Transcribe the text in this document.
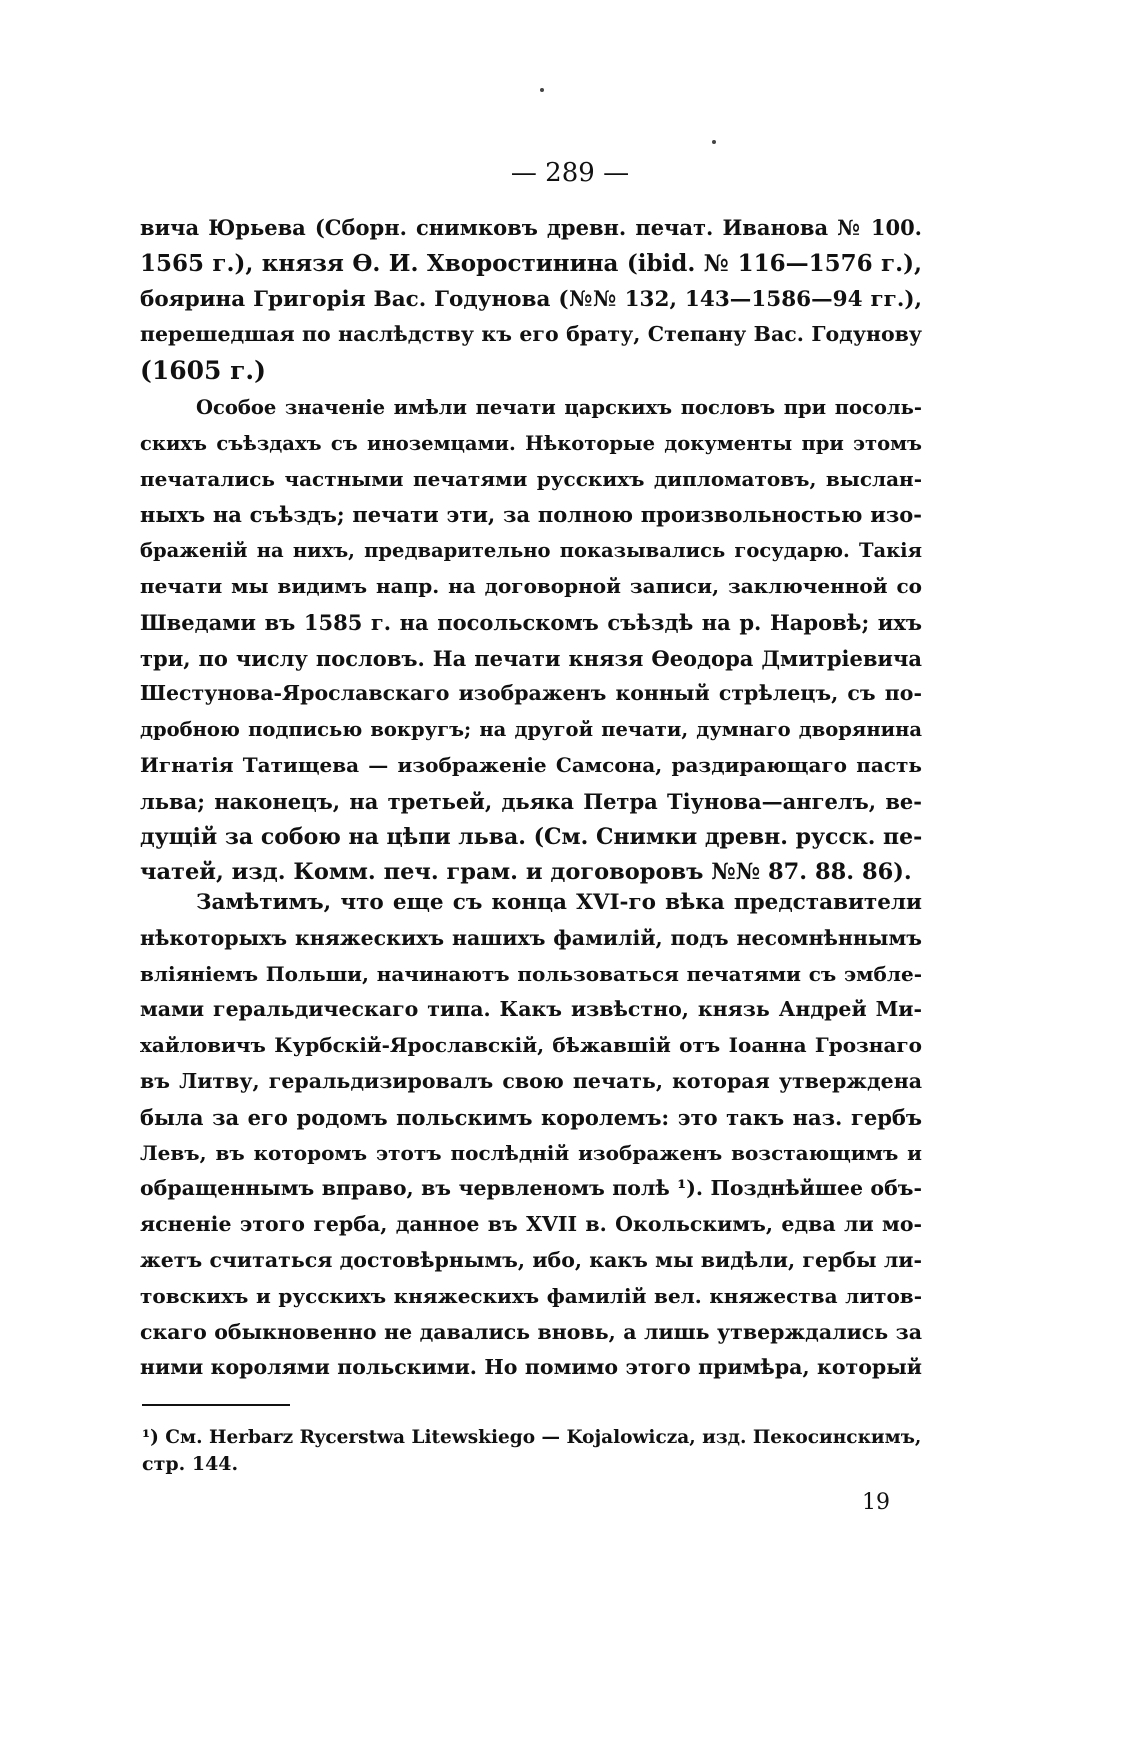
— 289 —
вича Юрьева (Сборн. снимковъ древн. печат. Иванова № 100.
1565 г.), князя Ѳ. И. Хворостинина (ibid. № 116—1576 г.),
боярина Григорія Вас. Годунова (№№ 132, 143—1586—94 гг.),
перешедшая по наслѣдству къ его брату, Степану Вас. Годунову
(1605 г.)
Особое значеніе имѣли печати царскихъ пословъ при посоль-
скихъ съѣздахъ съ иноземцами. Нѣкоторые документы при этомъ
печатались частными печатями русскихъ дипломатовъ, выслан-
ныхъ на съѣздъ; печати эти, за полною произвольностью изо-
браженій на нихъ, предварительно показывались государю. Такія
печати мы видимъ напр. на договорной записи, заключенной со
Шведами въ 1585 г. на посольскомъ съѣздѣ на р. Наровѣ; ихъ
три, по числу пословъ. На печати князя Ѳеодора Дмитріевича
Шестунова-Ярославскаго изображенъ конный стрѣлецъ, съ по-
дробною подписью вокругъ; на другой печати, думнаго дворянина
Игнатія Татищева — изображеніе Самсона, раздирающаго пасть
льва; наконецъ, на третьей, дьяка Петра Тіунова—ангелъ, ве-
дущій за собою на цѣпи льва. (См. Снимки древн. русск. пе-
чатей, изд. Комм. печ. грам. и договоровъ №№ 87. 88. 86).
Замѣтимъ, что еще съ конца XVI-го вѣка представители
нѣкоторыхъ княжескихъ нашихъ фамилій, подъ несомнѣннымъ
вліяніемъ Польши, начинаютъ пользоваться печатями съ эмбле-
мами геральдическаго типа. Какъ извѣстно, князь Андрей Ми-
хайловичъ Курбскій-Ярославскій, бѣжавшій отъ Іоанна Грознаго
въ Литву, геральдизировалъ свою печать, которая утверждена
была за его родомъ польскимъ королемъ: это такъ наз. гербъ
Левъ, въ которомъ этотъ послѣдній изображенъ возстающимъ и
обращеннымъ вправо, въ червленомъ полѣ ¹). Позднѣйшее объ-
ясненіе этого герба, данное въ XVII в. Окольскимъ, едва ли мо-
жетъ считаться достовѣрнымъ, ибо, какъ мы видѣли, гербы ли-
товскихъ и русскихъ княжескихъ фамилій вел. княжества литов-
скаго обыкновенно не давались вновь, а лишь утверждались за
ними королями польскими. Но помимо этого примѣра, который
¹) См. Herbarz Rycerstwa Litewskiego — Kojalowicza, изд. Пекосинскимъ,
стр. 144.
19
